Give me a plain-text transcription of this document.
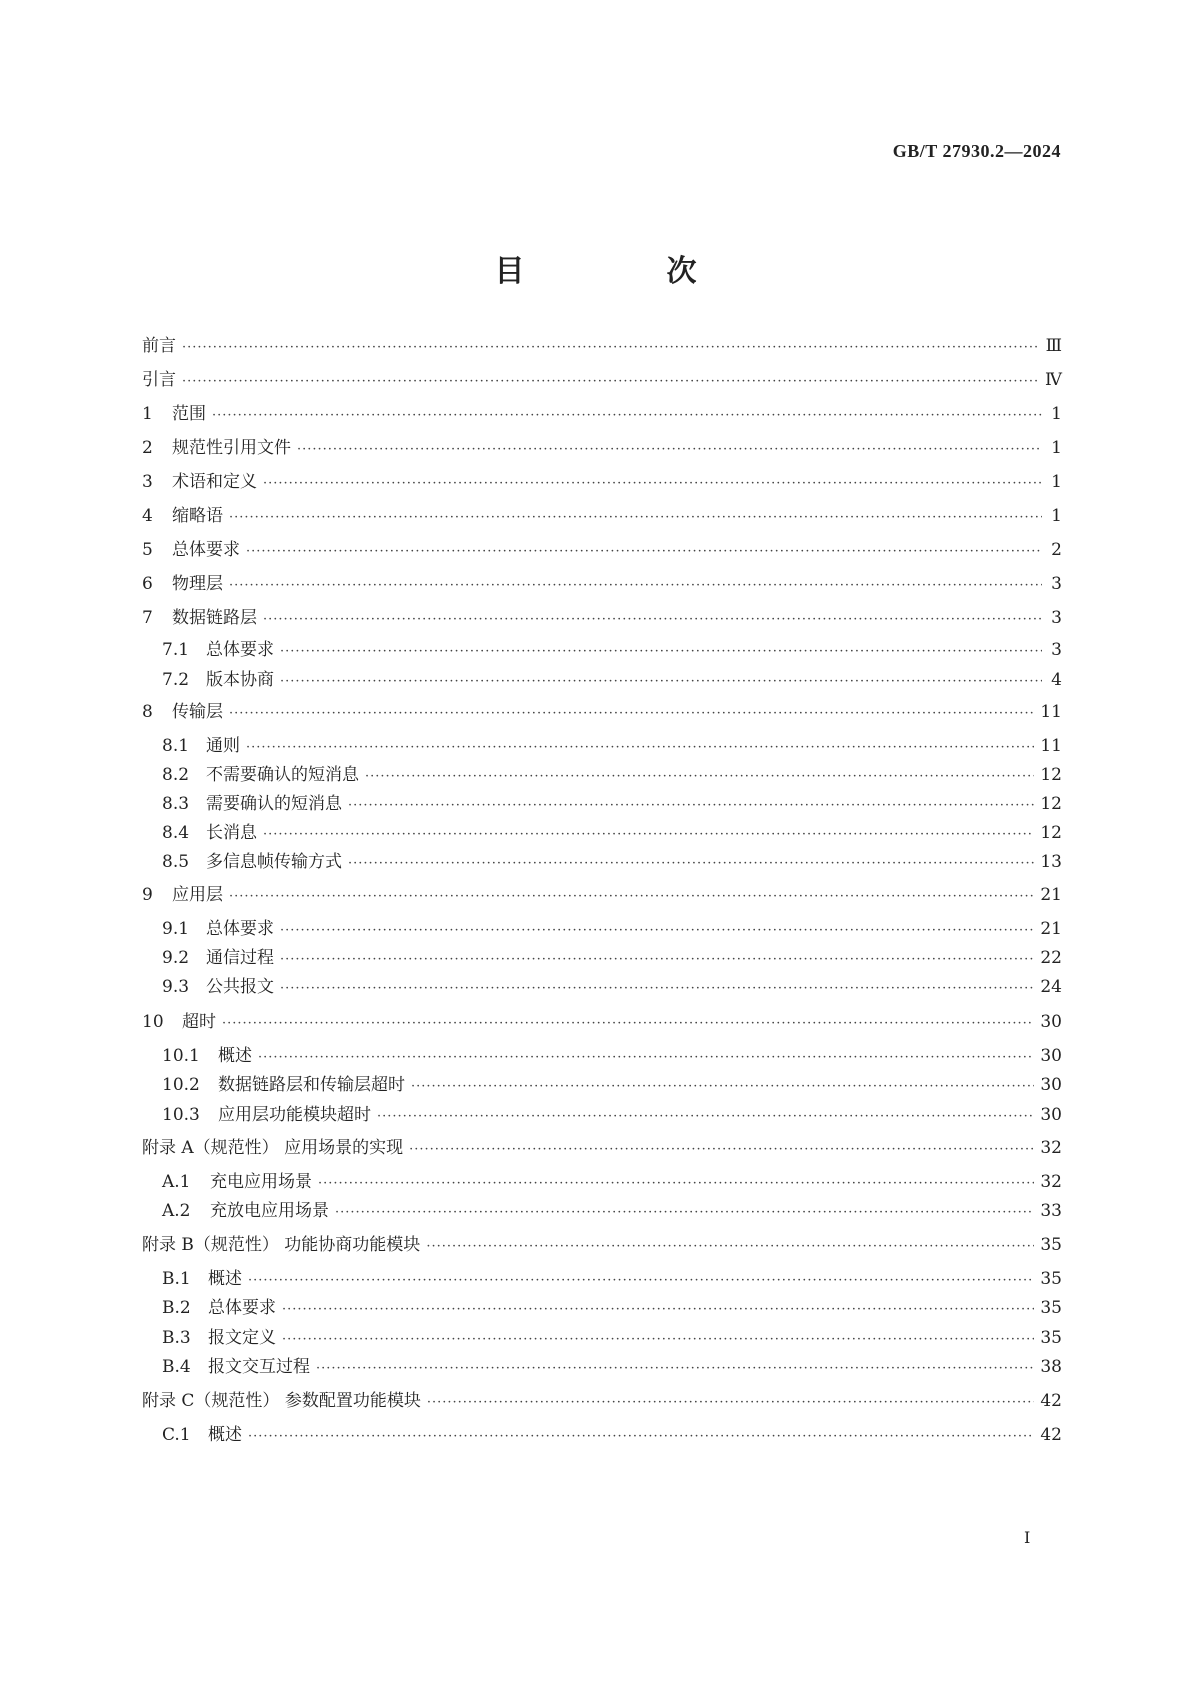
GB/T 27930.2—2024
目　次
前言 ·····	Ⅲ
引言 ·····	Ⅳ
1	范围 ·····	1
2	规范性引用文件 ·····	1
3	术语和定义 ·····	1
4	缩略语 ·····	1
5	总体要求 ·····	2
6	物理层 ·····	3
7	数据链路层 ·····	3
7.1 总体要求 ·····	3
7.2 版本协商 ·····	4
8	传输层 ·····	11
8.1 通则 ·····	11
8.2 不需要确认的短消息 ·····	12
8.3 需要确认的短消息 ·····	12
8.4 长消息 ·····	12
8.5 多信息帧传输方式 ·····	13
9	应用层 ·····	21
9.1 总体要求 ·····	21
9.2 通信过程 ·····	22
9.3 公共报文 ·····	24
10	超时 ·····	30
10.1	概述 ·····	30
10.2	数据链路层和传输层超时 ·····	30
10.3	应用层功能模块超时 ·····	30
附录 A（规范性） 应用场景的实现 ·····	32
A.1	充电应用场景 ·····	32
A.2	充放电应用场景 ·····	33
附录 B（规范性） 功能协商功能模块 ·····	35
B.1	概述 ·····	35
B.2	总体要求 ·····	35
B.3	报文定义 ·····	35
B.4	报文交互过程 ·····	38
附录 C（规范性） 参数配置功能模块 ·····	42
C.1	概述 ·····	42
I
